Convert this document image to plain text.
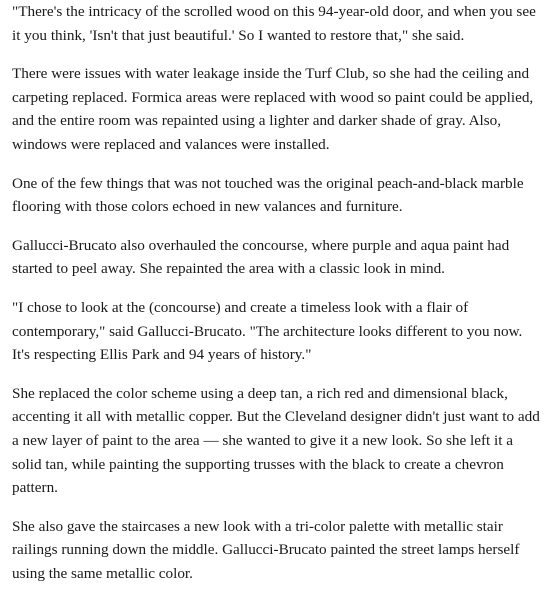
"There's the intricacy of the scrolled wood on this 94-year-old door, and when you see it you think, 'Isn't that just beautiful.' So I wanted to restore that," she said.

There were issues with water leakage inside the Turf Club, so she had the ceiling and carpeting replaced. Formica areas were replaced with wood so paint could be applied, and the entire room was repainted using a lighter and darker shade of gray. Also, windows were replaced and valances were installed.

One of the few things that was not touched was the original peach-and-black marble flooring with those colors echoed in new valances and furniture.

Gallucci-Brucato also overhauled the concourse, where purple and aqua paint had started to peel away. She repainted the area with a classic look in mind.

"I chose to look at the (concourse) and create a timeless look with a flair of contemporary," said Gallucci-Brucato. "The architecture looks different to you now. It's respecting Ellis Park and 94 years of history."

She replaced the color scheme using a deep tan, a rich red and dimensional black, accenting it all with metallic copper. But the Cleveland designer didn't just want to add a new layer of paint to the area — she wanted to give it a new look. So she left it a solid tan, while painting the supporting trusses with the black to create a chevron pattern.

She also gave the staircases a new look with a tri-color palette with metallic stair railings running down the middle. Gallucci-Brucato painted the street lamps herself using the same metallic color.
